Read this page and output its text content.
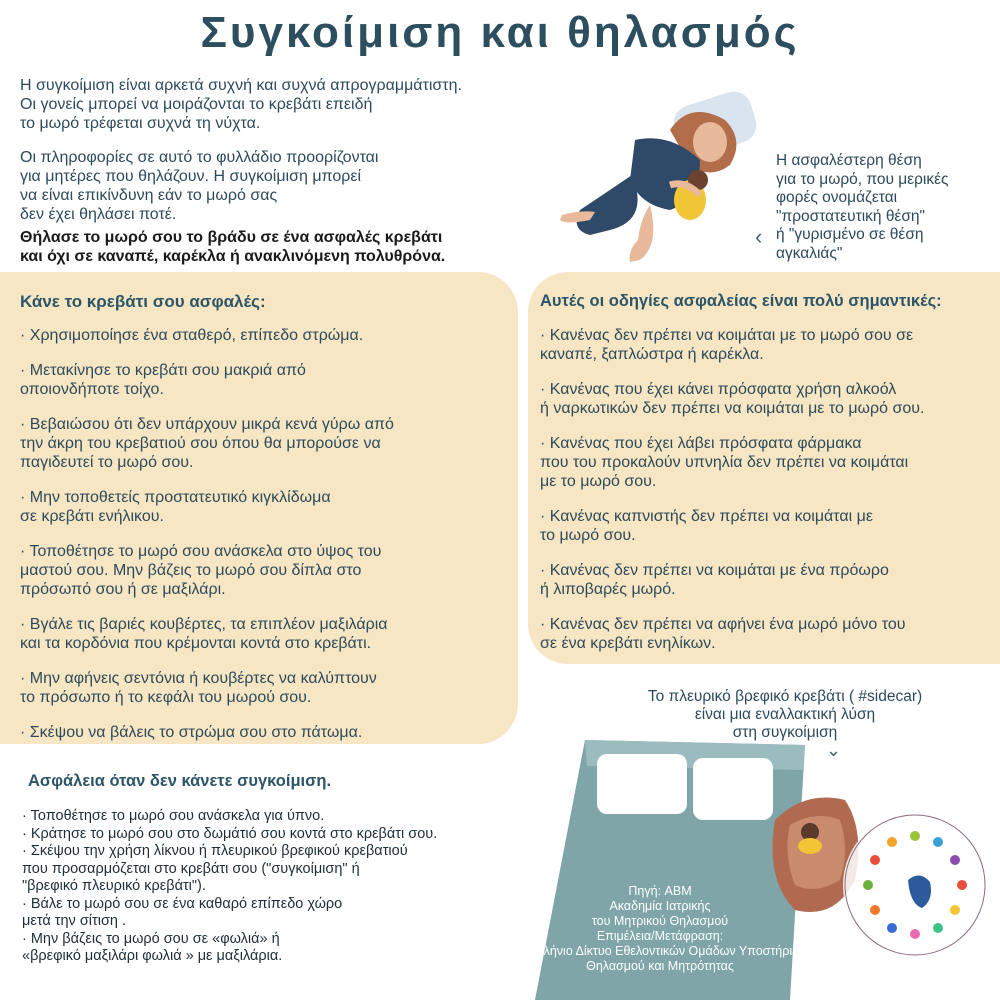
Συγκοίμιση και θηλασμός
Η συγκοίμιση είναι αρκετά συχνή και συχνά απρογραμμάτιστη.
Οι γονείς μπορεί να μοιράζονται το κρεβάτι επειδή
το μωρό τρέφεται συχνά τη νύχτα.
Οι πληροφορίες σε αυτό το φυλλάδιο προορίζονται
για μητέρες που θηλάζουν. Η συγκοίμιση μπορεί
να είναι επικίνδυνη εάν το μωρό σας
δεν έχει θηλάσει ποτέ.
Θήλασε το μωρό σου το βράδυ σε ένα ασφαλές κρεβάτι
και όχι σε καναπέ, καρέκλα ή ανακλινόμενη πολυθρόνα.
‹
Η ασφαλέστερη θέση
για το μωρό, που μερικές
φορές ονομάζεται
"προστατευτική θέση"
ή "γυρισμένο σε θέση
αγκαλιάς"
Κάνε το κρεβάτι σου ασφαλές:
· Χρησιμοποίησε ένα σταθερό, επίπεδο στρώμα.
· Μετακίνησε το κρεβάτι σου μακριά από
οποιονδήποτε τοίχο.
· Βεβαιώσου ότι δεν υπάρχουν μικρά κενά γύρω από
την άκρη του κρεβατιού σου όπου θα μπορούσε να
παγιδευτεί το μωρό σου.
· Μην τοποθετείς προστατευτικό κιγκλίδωμα
σε κρεβάτι ενήλικου.
· Τοποθέτησε το μωρό σου ανάσκελα στο ύψος του
μαστού σου. Μην βάζεις το μωρό σου δίπλα στο
πρόσωπό σου ή σε μαξιλάρι.
· Βγάλε τις βαριές κουβέρτες, τα επιπλέον μαξιλάρια
και τα κορδόνια που κρέμονται κοντά στο κρεβάτι.
· Μην αφήνεις σεντόνια ή κουβέρτες να καλύπτουν
το πρόσωπο ή το κεφάλι του μωρού σου.
· Σκέψου να βάλεις το στρώμα σου στο πάτωμα.
Αυτές οι οδηγίες ασφαλείας είναι πολύ σημαντικές:
· Κανένας δεν πρέπει να κοιμάται με το μωρό σου σε
καναπέ, ξαπλώστρα ή καρέκλα.
· Κανένας που έχει κάνει πρόσφατα χρήση αλκοόλ
ή ναρκωτικών δεν πρέπει να κοιμάται με το μωρό σου.
· Κανένας που έχει λάβει πρόσφατα φάρμακα
που του προκαλούν υπνηλία δεν πρέπει να κοιμάται
με το μωρό σου.
· Κανένας καπνιστής δεν πρέπει να κοιμάται με
το μωρό σου.
· Κανένας δεν πρέπει να κοιμάται με ένα πρόωρο
ή λιποβαρές μωρό.
· Κανένας δεν πρέπει να αφήνει ένα μωρό μόνο του
σε ένα κρεβάτι ενηλίκων.
Ασφάλεια όταν δεν κάνετε συγκοίμιση.
· Τοποθέτησε το μωρό σου ανάσκελα για ύπνο.
· Κράτησε το μωρό σου στο δωμάτιό σου κοντά στο κρεβάτι σου.
· Σκέψου την χρήση λίκνου ή πλευρικού βρεφικού κρεβατιού
που προσαρμόζεται στο κρεβάτι σου ("συγκοίμιση" ή
"βρεφικό πλευρικό κρεβάτι").
· Βάλε το μωρό σου σε ένα καθαρό επίπεδο χώρο
μετά την σίτιση .
· Μην βάζεις το μωρό σου σε «φωλιά» ή
«βρεφικό μαξιλάρι φωλιά » με μαξιλάρια.
Το πλευρικό βρεφικό κρεβάτι ( #sidecar)
είναι μια εναλλακτική λύση
στη συγκοίμιση
⌄
Πηγή: ABM
Ακαδημία Ιατρικής
του Μητρικού Θηλασμού
Επιμέλεια/Μετάφραση:
Πανελλήνιο Δίκτυο Εθελοντικών Ομάδων Υποστήριξης
Θηλασμού και Μητρότητας
